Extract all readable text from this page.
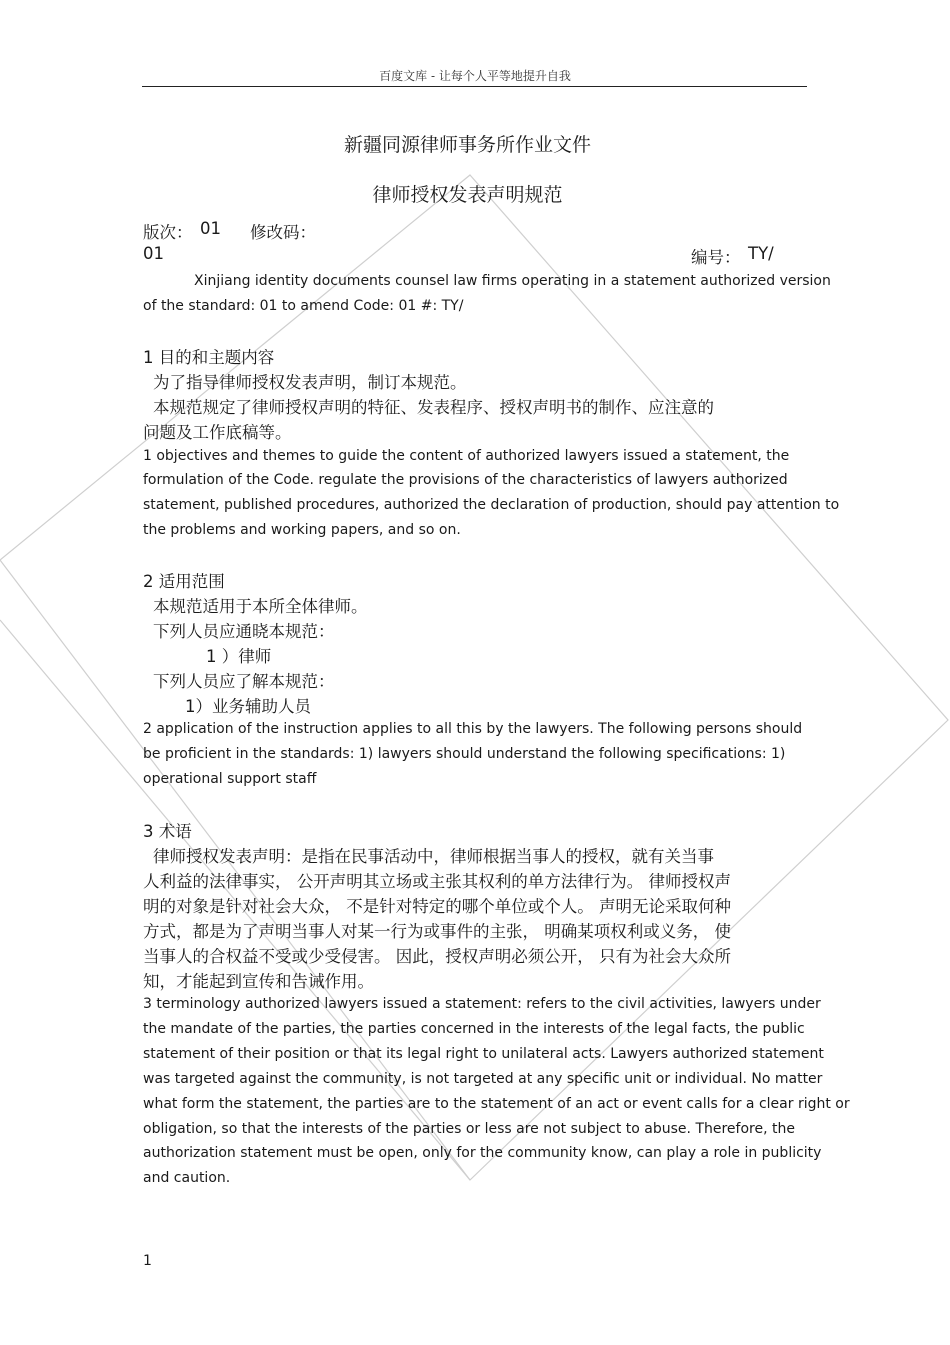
百度文库 - 让每个人平等地提升自我
新疆同源律师事务所作业文件
律师授权发表声明规范
版次： 01 修改码：
01	编号： TY/
Xinjiang identity documents counsel law firms operating in a statement authorized version
of the standard: 01 to amend Code: 01 #: TY/
1 目的和主题内容
为了指导律师授权发表声明，制订本规范。
本规范规定了律师授权声明的特征、发表程序、授权声明书的制作、应注意的
问题及工作底稿等。
1 objectives and themes to guide the content of authorized lawyers issued a statement, the
formulation of the Code. regulate the provisions of the characteristics of lawyers authorized
statement, published procedures, authorized the declaration of production, should pay attention to
the problems and working papers, and so on.
2 适用范围
本规范适用于本所全体律师。
下列人员应通晓本规范：
1 ）律师
下列人员应了解本规范：
1）业务辅助人员
2 application of the instruction applies to all this by the lawyers. The following persons should
be proficient in the standards: 1) lawyers should understand the following specifications: 1)
operational support staff
3 术语
律师授权发表声明：是指在民事活动中，律师根据当事人的授权，就有关当事
人利益的法律事实， 公开声明其立场或主张其权利的单方法律行为。 律师授权声
明的对象是针对社会大众， 不是针对特定的哪个单位或个人。 声明无论采取何种
方式，都是为了声明当事人对某一行为或事件的主张， 明确某项权利或义务， 使
当事人的合权益不受或少受侵害。 因此，授权声明必须公开， 只有为社会大众所
知，才能起到宣传和告诫作用。
3 terminology authorized lawyers issued a statement: refers to the civil activities, lawyers under
the mandate of the parties, the parties concerned in the interests of the legal facts, the public
statement of their position or that its legal right to unilateral acts. Lawyers authorized statement
was targeted against the community, is not targeted at any specific unit or individual. No matter
what form the statement, the parties are to the statement of an act or event calls for a clear right or
obligation, so that the interests of the parties or less are not subject to abuse. Therefore, the
authorization statement must be open, only for the community know, can play a role in publicity
and caution.
1
